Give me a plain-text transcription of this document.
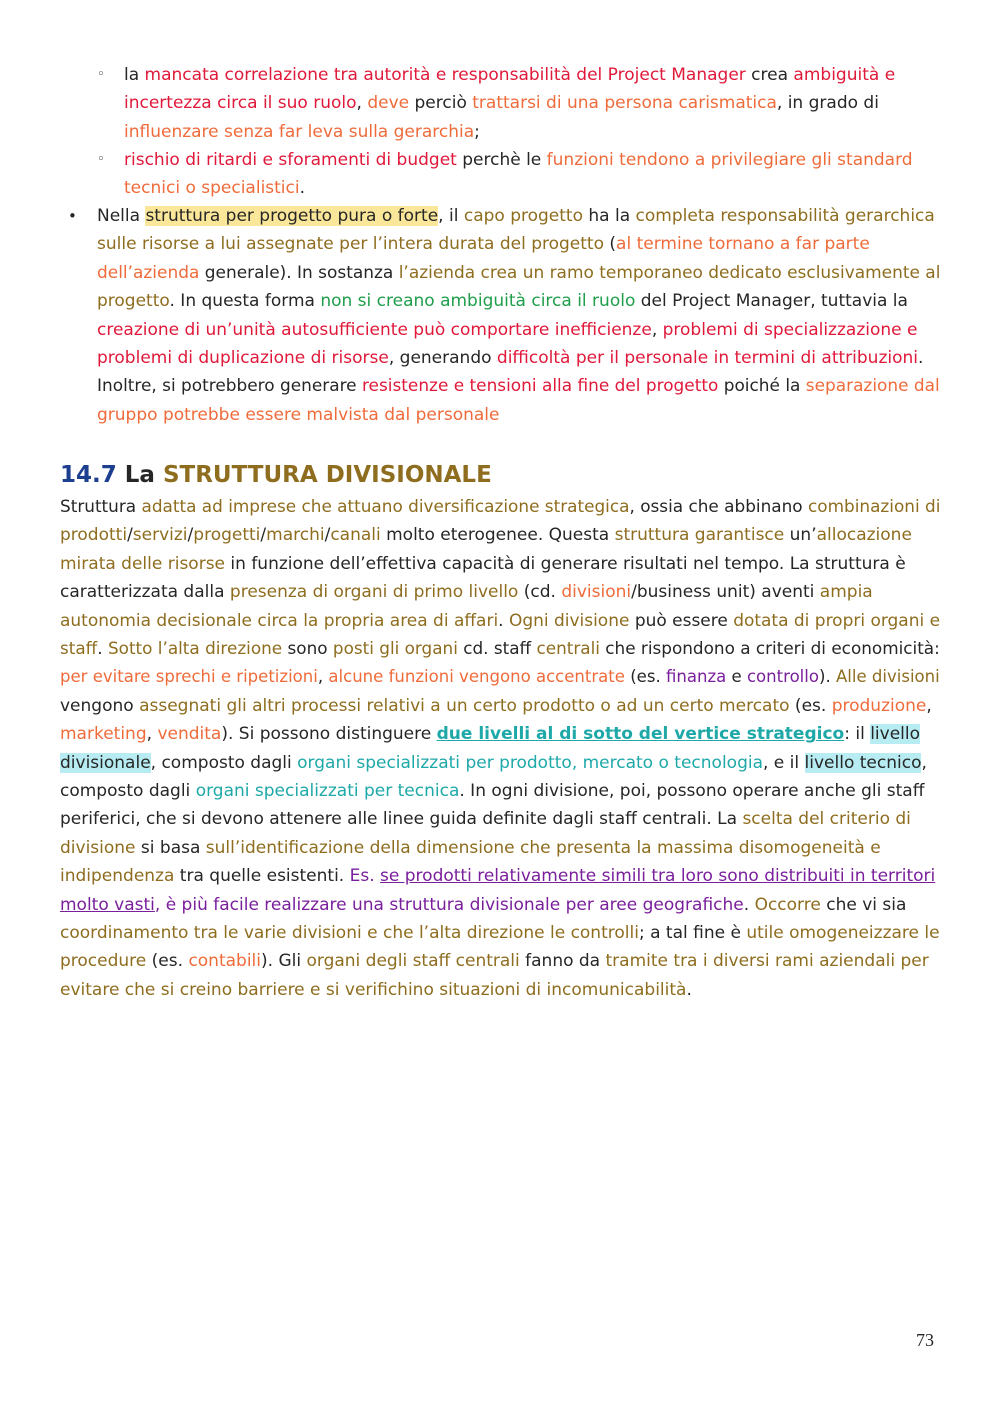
◦ la mancata correlazione tra autorità e responsabilità del Project Manager crea ambiguità e
incertezza circa il suo ruolo, deve perciò trattarsi di una persona carismatica, in grado di
influenzare senza far leva sulla gerarchia;
◦ rischio di ritardi e sforamenti di budget perchè le funzioni tendono a privilegiare gli standard
tecnici o specialistici.
• Nella struttura per progetto pura o forte, il capo progetto ha la completa responsabilità gerarchica
sulle risorse a lui assegnate per l’intera durata del progetto (al termine tornano a far parte
dell’azienda generale). In sostanza l’azienda crea un ramo temporaneo dedicato esclusivamente al
progetto. In questa forma non si creano ambiguità circa il ruolo del Project Manager, tuttavia la
creazione di un’unità autosufficiente può comportare inefficienze, problemi di specializzazione e
problemi di duplicazione di risorse, generando difficoltà per il personale in termini di attribuzioni.
Inoltre, si potrebbero generare resistenze e tensioni alla fine del progetto poiché la separazione dal
gruppo potrebbe essere malvista dal personale
14.7 La STRUTTURA DIVISIONALE
Struttura adatta ad imprese che attuano diversificazione strategica, ossia che abbinano combinazioni di
prodotti/servizi/progetti/marchi/canali molto eterogenee. Questa struttura garantisce un’allocazione
mirata delle risorse in funzione dell’effettiva capacità di generare risultati nel tempo. La struttura è
caratterizzata dalla presenza di organi di primo livello (cd. divisioni/business unit) aventi ampia
autonomia decisionale circa la propria area di affari. Ogni divisione può essere dotata di propri organi e
staff. Sotto l’alta direzione sono posti gli organi cd. staff centrali che rispondono a criteri di economicità:
per evitare sprechi e ripetizioni, alcune funzioni vengono accentrate (es. finanza e controllo). Alle divisioni
vengono assegnati gli altri processi relativi a un certo prodotto o ad un certo mercato (es. produzione,
marketing, vendita). Si possono distinguere due livelli al di sotto del vertice strategico: il livello
divisionale, composto dagli organi specializzati per prodotto, mercato o tecnologia, e il livello tecnico,
composto dagli organi specializzati per tecnica. In ogni divisione, poi, possono operare anche gli staff
periferici, che si devono attenere alle linee guida definite dagli staff centrali. La scelta del criterio di
divisione si basa sull’identificazione della dimensione che presenta la massima disomogeneità e
indipendenza tra quelle esistenti. Es. se prodotti relativamente simili tra loro sono distribuiti in territori
molto vasti, è più facile realizzare una struttura divisionale per aree geografiche. Occorre che vi sia
coordinamento tra le varie divisioni e che l’alta direzione le controlli; a tal fine è utile omogeneizzare le
procedure (es. contabili). Gli organi degli staff centrali fanno da tramite tra i diversi rami aziendali per
evitare che si creino barriere e si verifichino situazioni di incomunicabilità.
73
